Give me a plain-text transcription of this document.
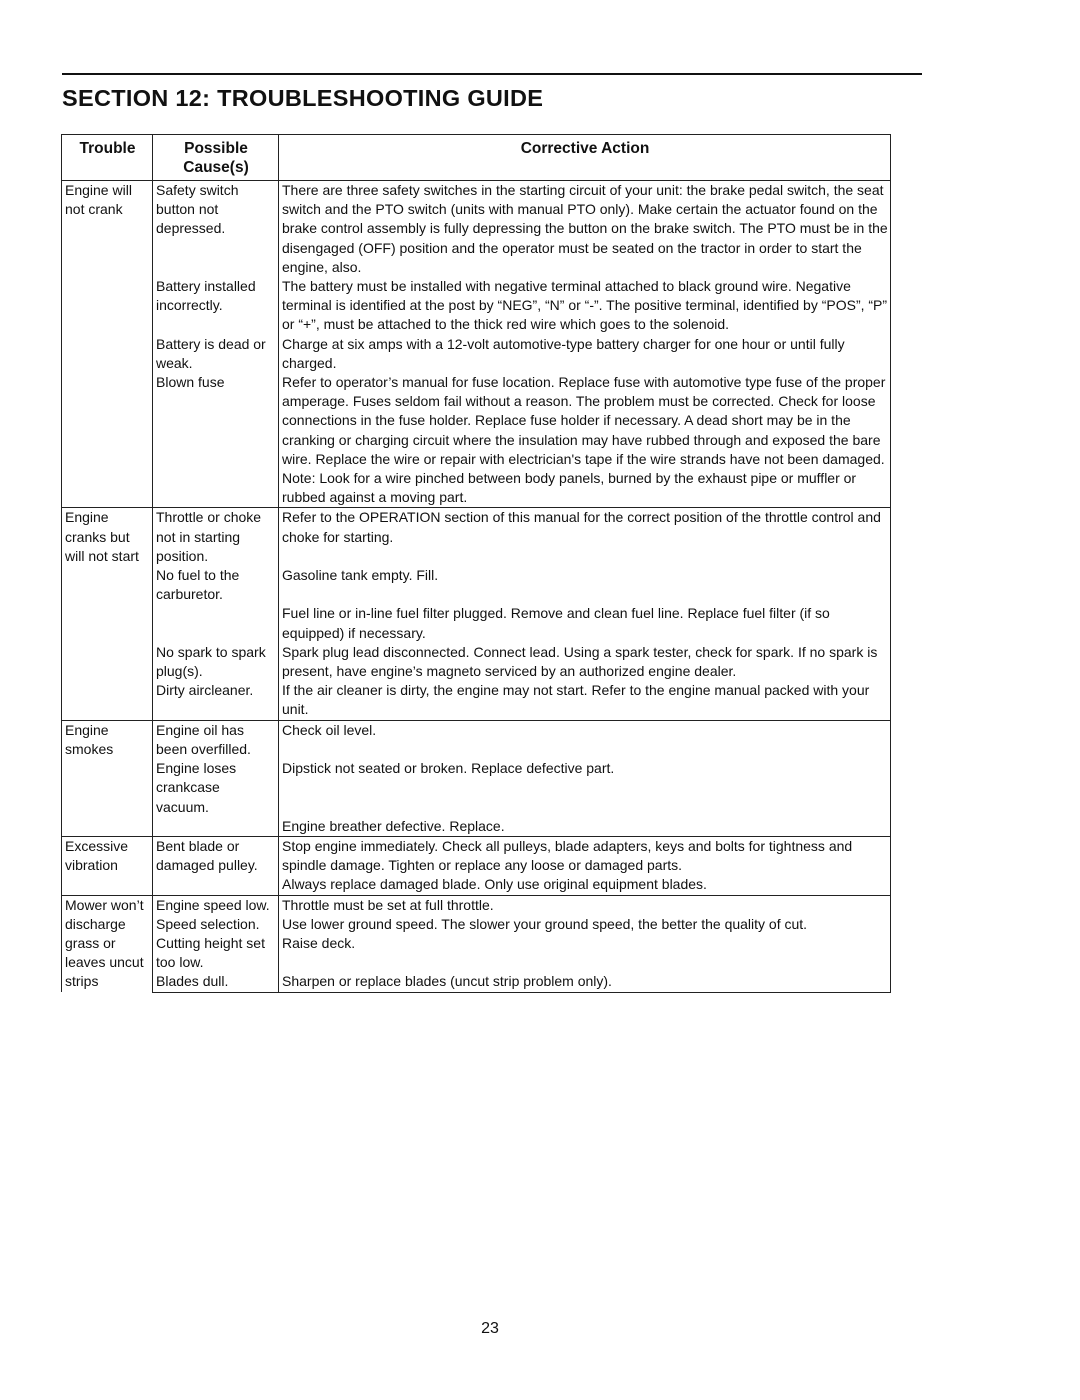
SECTION 12: TROUBLESHOOTING GUIDE
Trouble	Possible Cause(s)	Corrective Action
Engine will not crank	Safety switch button not depressed.	There are three safety switches in the starting circuit of your unit: the brake pedal switch, the seat switch and the PTO switch (units with manual PTO only). Make certain the actuator found on the brake control assembly is fully depressing the button on the brake switch. The PTO must be in the disengaged (OFF) position and the operator must be seated on the tractor in order to start the engine, also.
	Battery installed incorrectly.	The battery must be installed with negative terminal attached to black ground wire. Negative terminal is identified at the post by “NEG”, “N” or “-”. The positive terminal, identified by “POS”, “P” or “+”, must be attached to the thick red wire which goes to the solenoid.
	Battery is dead or weak.	Charge at six amps with a 12-volt automotive-type battery charger for one hour or until fully charged.
	Blown fuse	Refer to operator’s manual for fuse location. Replace fuse with automotive type fuse of the proper amperage. Fuses seldom fail without a reason. The problem must be corrected. Check for loose connections in the fuse holder. Replace fuse holder if necessary. A dead short may be in the cranking or charging circuit where the insulation may have rubbed through and exposed the bare wire. Replace the wire or repair with electrician's tape if the wire strands have not been damaged.
		Note: Look for a wire pinched between body panels, burned by the exhaust pipe or muffler or rubbed against a moving part.
Engine cranks but will not start	Throttle or choke not in starting position.	Refer to the OPERATION section of this manual for the correct position of the throttle control and choke for starting.
	No fuel to the carburetor.	Gasoline tank empty. Fill.
		Fuel line or in-line fuel filter plugged. Remove and clean fuel line. Replace fuel filter (if so equipped) if necessary.
	No spark to spark plug(s).	Spark plug lead disconnected. Connect lead. Using a spark tester, check for spark. If no spark is present, have engine’s magneto serviced by an authorized engine dealer.
	Dirty aircleaner.	If the air cleaner is dirty, the engine may not start. Refer to the engine manual packed with your unit.
Engine smokes	Engine oil has been overfilled.	Check oil level.
	Engine loses crankcase vacuum.	Dipstick not seated or broken. Replace defective part.
		Engine breather defective. Replace.
Excessive vibration	Bent blade or damaged pulley.	Stop engine immediately. Check all pulleys, blade adapters, keys and bolts for tightness and spindle damage. Tighten or replace any loose or damaged parts.
		Always replace damaged blade. Only use original equipment blades.
Mower won’t discharge grass or leaves uncut strips	Engine speed low.	Throttle must be set at full throttle.
	Speed selection.	Use lower ground speed. The slower your ground speed, the better the quality of cut.
	Cutting height set too low.	Raise deck.
	Blades dull.	Sharpen or replace blades (uncut strip problem only).
23
